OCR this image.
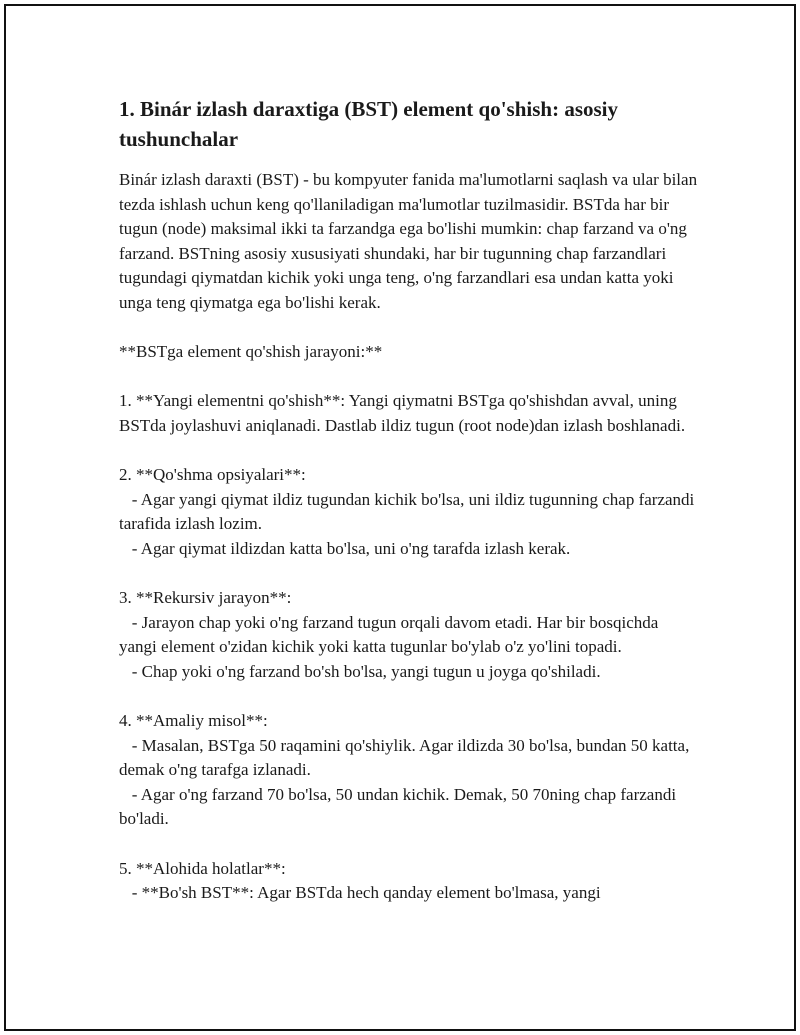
1. Binár izlash daraxtiga (BST) element qo'shish: asosiy tushunchalar

Binár izlash daraxti (BST) - bu kompyuter fanida ma'lumotlarni saqlash va ular bilan tezda ishlash uchun keng qo'llaniladigan ma'lumotlar tuzilmasidir. BSTda har bir tugun (node) maksimal ikki ta farzandga ega bo'lishi mumkin: chap farzand va o'ng farzand. BSTning asosiy xususiyati shundaki, har bir tugunning chap farzandlari tugundagi qiymatdan kichik yoki unga teng, o'ng farzandlari esa undan katta yoki unga teng qiymatga ega bo'lishi kerak.

**BSTga element qo'shish jarayoni:**

1. **Yangi elementni qo'shish**: Yangi qiymatni BSTga qo'shishdan avval, uning BSTda joylashuvi aniqlanadi. Dastlab ildiz tugun (root node)dan izlash boshlanadi.

2. **Qo'shma opsiyalari**:
- Agar yangi qiymat ildiz tugundan kichik bo'lsa, uni ildiz tugunning chap farzandi tarafida izlash lozim.
- Agar qiymat ildizdan katta bo'lsa, uni o'ng tarafda izlash kerak.

3. **Rekursiv jarayon**:
- Jarayon chap yoki o'ng farzand tugun orqali davom etadi. Har bir bosqichda yangi element o'zidan kichik yoki katta tugunlar bo'ylab o'z yo'lini topadi.
- Chap yoki o'ng farzand bo'sh bo'lsa, yangi tugun u joyga qo'shiladi.

4. **Amaliy misol**:
- Masalan, BSTga 50 raqamini qo'shiylik. Agar ildizda 30 bo'lsa, bundan 50 katta, demak o'ng tarafga izlanadi.
- Agar o'ng farzand 70 bo'lsa, 50 undan kichik. Demak, 50 70ning chap farzandi bo'ladi.

5. **Alohida holatlar**:
- **Bo'sh BST**: Agar BSTda hech qanday element bo'lmasa, yangi
